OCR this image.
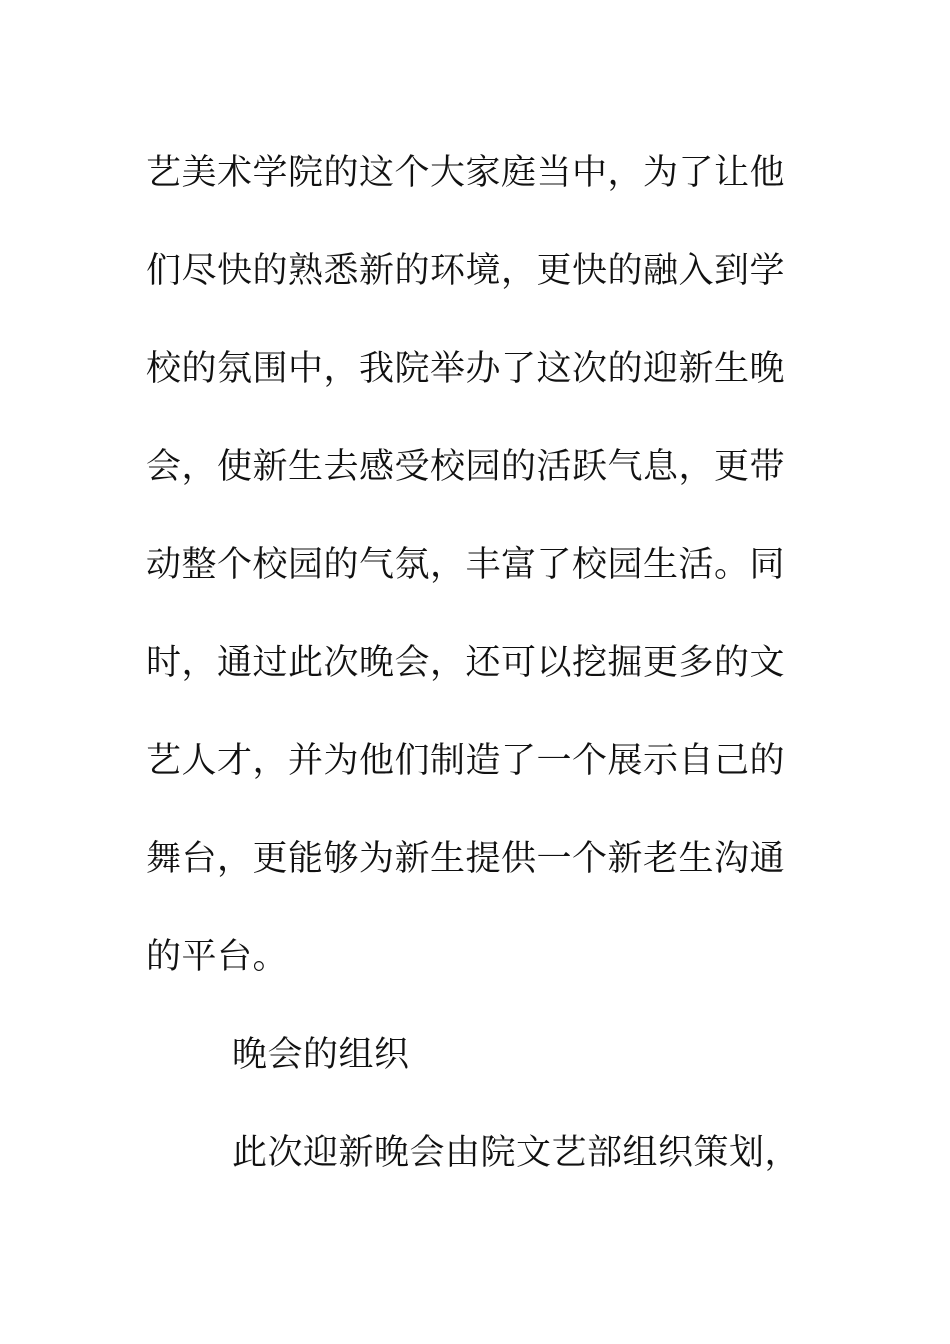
艺美术学院的这个大家庭当中，为了让他
们尽快的熟悉新的环境，更快的融入到学
校的氛围中，我院举办了这次的迎新生晚
会，使新生去感受校园的活跃气息，更带
动整个校园的气氛，丰富了校园生活。同
时，通过此次晚会，还可以挖掘更多的文
艺人才，并为他们制造了一个展示自己的
舞台，更能够为新生提供一个新老生沟通
的平台。
晚会的组织
此次迎新晚会由院文艺部组织策划，
